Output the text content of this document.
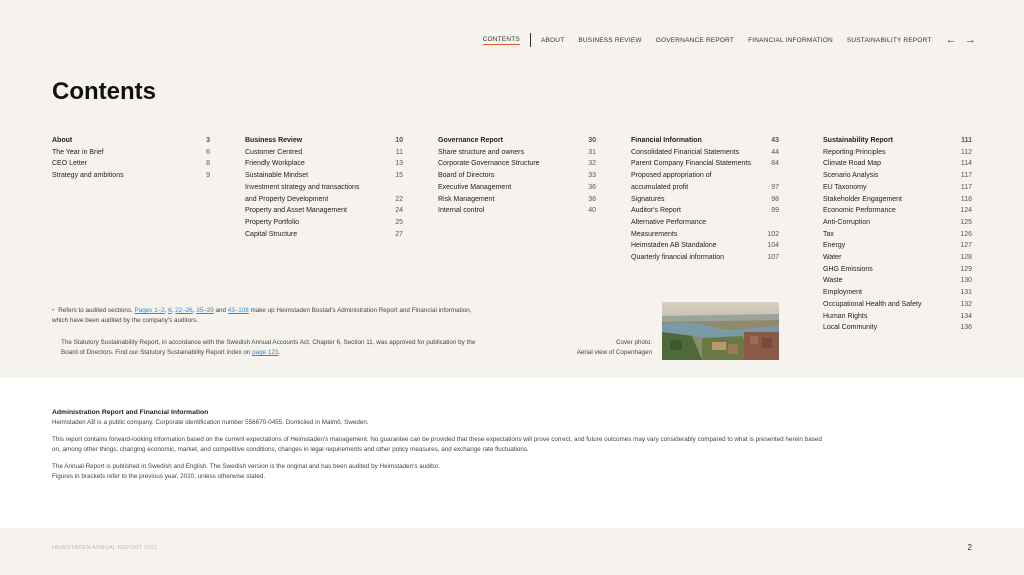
CONTENTS	ABOUT BUSINESS REVIEW GOVERNANCE REPORT FINANCIAL INFORMATION SUSTAINABILITY REPORT ← →
Contents
About	3
The Year in Brief	6
CEO Letter	8
Strategy and ambitions	9
Business Review	10
Customer Centred	11
Friendly Workplace	13
Sustainable Mindset	15
Investment strategy and transactions
and Property Development	22
Property and Asset Management	24
Property Portfolio	25
Capital Structure	27
Governance Report	30
Share structure and owners	31
Corporate Governance Structure	32
Board of Directors	33
Executive Management	36
Risk Management	38
Internal control	40
Financial Information	43
Consolidated Financial Statements	44
Parent Company Financial Statements	84
Proposed appropriation of
accumulated profit	97
Signatures	98
Auditor's Report	99
Alternative Performance
Measurements	102
Heimstaden AB Standalone	104
Quarterly financial information	107
Sustainability Report	111
Reporting Principles	112
Climate Road Map	114
Scenario Analysis	117
EU Taxonomy	117
Stakeholder Engagement	118
Economic Performance	124
Anti-Corruption	125
Tax	126
Energy	127
Water	128
GHG Emissions	129
Waste	130
Employment	131
Occupational Health and Safety	132
Human Rights	134
Local Community	136
• Refers to audited sections. Pages 1–2, 6, 22–26, 35–39 and 43–108 make up Heimstaden Bostad's Administration Report and Financial information, which have been audited by the company's auditors.
The Statutory Sustainability Report, in accordance with the Swedish Annual Accounts Act, Chapter 6, Section 11, was approved for publication by the Board of Directors. Find our Statutory Sustainability Report index on page 123.
Cover photo:
Aerial view of Copenhagen

Administration Report and Financial Information

Heimstaden AB is a public company. Corporate identification number 556670-0455. Domiciled in Malmö, Sweden.

This report contains forward-looking information based on the current expectations of Heimstaden's management. No guarantee can be provided that these expectations will prove correct, and future outcomes may vary considerably compared to what is presented herein based on, among other things, changing economic, market, and competitive conditions, changes in legal requirements and other policy measures, and exchange rate fluctuations.

The Annual Report is published in Swedish and English. The Swedish version is the original and has been audited by Heimstaden's auditor.

Figures in brackets refer to the previous year, 2020, unless otherwise stated.

HEIMSTADEN ANNUAL REPORT 2021	2
